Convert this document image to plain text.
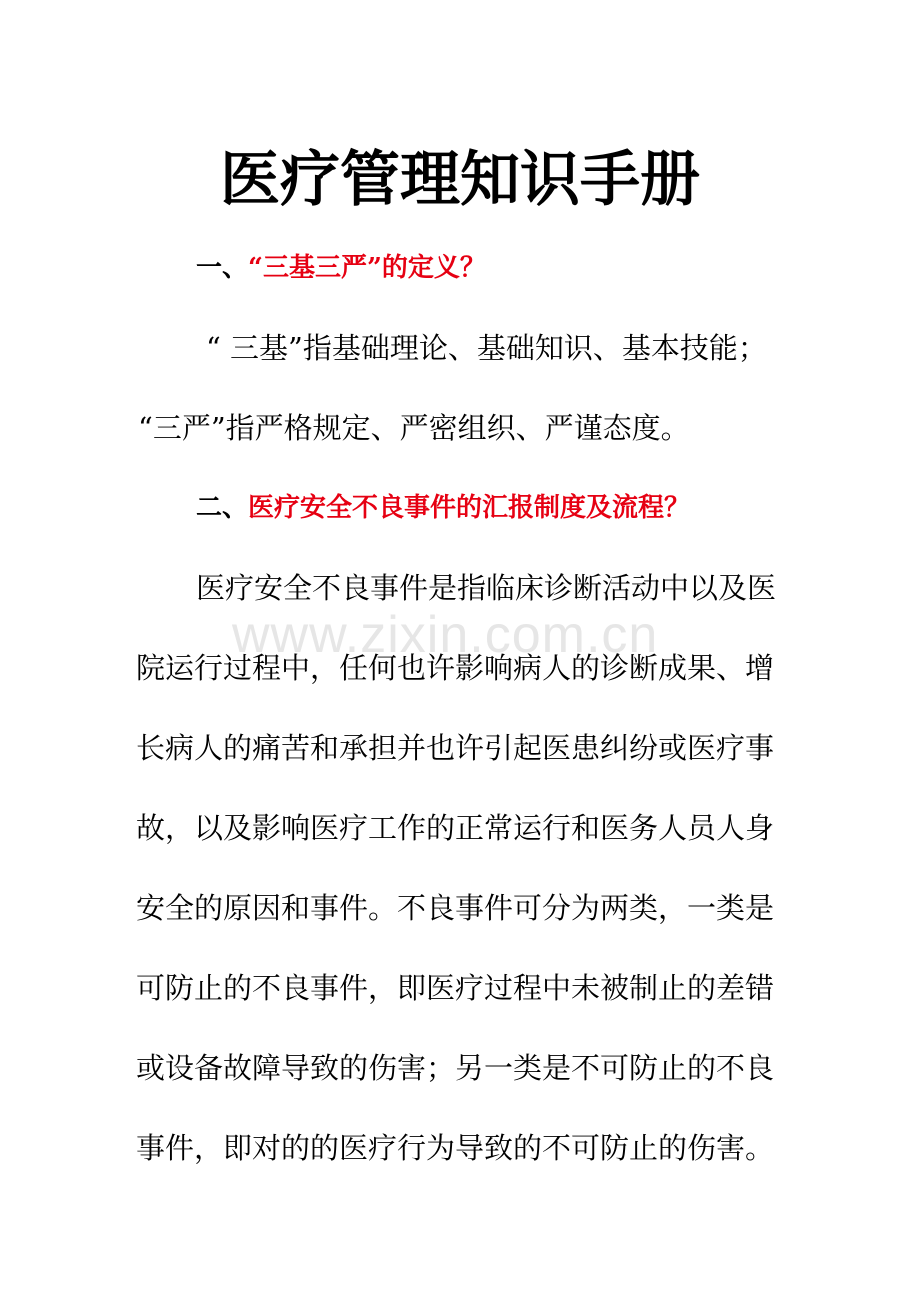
www.zixin.com.cn
医疗管理知识手册
一、“三基三严”的定义？
“ 三基”指基础理论、基础知识、基本技能；
“三严”指严格规定、严密组织、严谨态度。
二、医疗安全不良事件的汇报制度及流程？
医疗安全不良事件是指临床诊断活动中以及医
院运行过程中，任何也许影响病人的诊断成果、增
长病人的痛苦和承担并也许引起医患纠纷或医疗事
故，以及影响医疗工作的正常运行和医务人员人身
安全的原因和事件。不良事件可分为两类，一类是
可防止的不良事件，即医疗过程中未被制止的差错
或设备故障导致的伤害；另一类是不可防止的不良
事件，即对的的医疗行为导致的不可防止的伤害。
